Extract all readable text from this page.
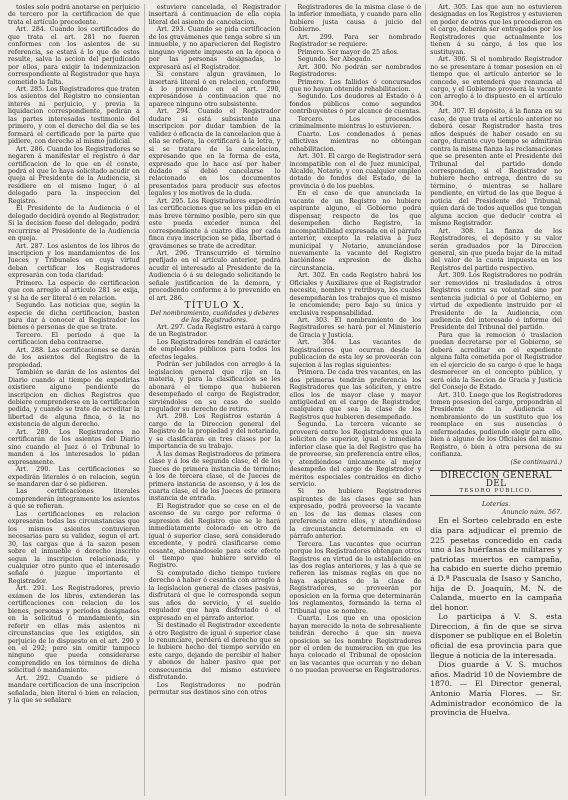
tosles solo podrá anotarse en perjuicio de tercero por la certificacion de que trata el artículo precedente.

Art. 284. Cuando los certificados de que trata el art. 281 no fueren conformes con los asientos de su referencia, se estará á lo que de estos resulte, salva la accion del perjudicado por ellos, para exigir la indemnizacion correspondiente al Registrador que haya cometido la falta.

Art. 285. Los Registradores que traten los asientos del Registro no consientan interés ni perjuicio, y previa la liquidacion correspondiente, pedirán á las partes interesadas testimonio del primero, y con el derecho del dia se les formará el certificado por la parte que pidiere, con derecho al mismo judicial.

Art. 286. Cuando los Registradores se negaren á manifestar el registro ó dar certificacion de lo que en él conste, podrá el que lo haya solicitado acudir en queja al Presidente de la Audiencia, si residiere en el mismo lugar, ó al delegado para la inspeccion del Registro.

El Presidente de la Audiencia ó el delegado decidirá oyendo al Registrador. Si la decision fuese del delegado, podrá recurrirse al Presidente de la Audiencia en queja.

Art. 287. Los asientos de los libros de inscripcion y los mandamientos de los Jueces y Tribunales en cuya virtud deban certificar los Registradores expresarán con toda claridad:

Primero. La especie de certificacion que con arreglo al artículo 281 se exija, y si ha de ser literal ó en relacion.

Segundo. Las noticias que, según la especie de dicha certificacion, basten para dar á conocer al Registrador los bienes ó personas de que se trate.

Tercero. El período á que la certificacion deba contraerse.

Art. 288. Las certificaciones se darán de los asientos del Registro de la propiedad.

También se darán de los asientos del Diario cuando al tiempo de expedirlas existiere alguno pendiente de inscripcion en dichos Registros que debiere comprenderse en la certificacion pedida, y cuando se trate de acreditar la libertad de alguna finca, ó la no existencia de algun derecho.

Art. 289. Los Registradores no certificarán de los asientos del Diario sino cuando el Juez ó el Tribunal lo manden á los interesados lo pidan expresamente.

Art. 290. Las certificaciones se expedirán literales ó en relacion, según se mandaren dar ó se pidieren.

Las certificaciones literales comprenderán íntegramente los asientos á que se refieran.

Las certificaciones en relacion expresarán todas las circunstancias que los mismos asientos contuvieren necesarias para su validez, segun el art. 30, las cargas que á la sazon pesen sobre el inmueble ó derecho inscrito segun la inscripcion relacionada, y cualquier otro punto que el interesado señale ó juzgue importante el Registrador.

Art. 291. Los Registradores, previo exámen de los libros, extenderán las certificaciones con relacion de los bienes, personas y períodos designados en la solicitud ó mandamiento, sin referir en ellas más asientos ni circunstancias que los exigidos, sin perjuicio de lo dispuesto en el art. 290 y en el 292; pero sin omitir tampoco ninguno que pueda considerarse comprendido en los términos de dicha solicitud ó mandamiento.

Art. 292. Cuando se pidiere ó mandare certificacion de una inscripcion señalada, bien literal ó bien en relacion, y la que se señalare

estuviere cancelada, el Registrador insertará á continuacion de ella copia literal del asiento de cancelacion.

Art. 293. Cuando se pida certificacion de los gravámenes que tenga sobre sí un inmueble, y no aparecieren del Registro ninguno vigente impuesto en la época ó por las personas designadas, lo expresará así el Registrador.

Si constare algun gravámen, lo insertará literal ó en relacion, conforme á lo prevenido en el art. 290, expresándose á continuacion que no aparece ninguno otro subsistente.

Art. 294. Cuando el Registrador dudare si está subsistente una inscripcion por dudar tambien de la validez ó eficacia de la cancelacion que á ella se refiera, la certificará á la letra, y si se tratare de la cancelacion, expresando que en la forma de esta, expresado que lo hace así por haber dudado si debió cancelarse lo relacionado en los documentos presentados para producir sus efectos legales y los motivos de la duda.

Art. 295. Los Registradores expedirán las certificaciones que se les pidan en el más breve término posible, pero sin que este pueda exceder nunca del correspondiente á cuatro días por cada finca cuya inscripcion se pida, libertad ó gravámenes se trate de acreditar.

Art. 296. Transcurrido el término prefijado en el artículo anterior, podrá acudir el interesado al Presidente de la Audiencia ó á su delegado solicitando le señale justificacion de la demora, y procediendo conforme á lo prevenido en el art. 286.

TÍTULO X.

Del nombramiento, cualidades y deberes de los Registradores.

Art. 297. Cada Registro estará á cargo de un Registrador.

Los Registradores tendrán el carácter de empleados públicos para todos los efectos legales.

Podrán ser jubilados con arreglo á la legislacion general que rija en la materia, y para la clasificacion se les abonará el tiempo que hubieren desempeñado el cargo de Registrador, sirviéndoles en su caso de sueldo regulador su derecho de retiro.

Art. 298. Los Registros estarán á cargo de la Direccion general del Registro de la propiedad y del notariado, y se clasificarán en tres clases por la importancia de su trabajo.

Á las demas Registradores de primera clase y á los de segunda clase, el de los Jueces de primera instancia de término; á los de tercera clase, el de Jueces de primera instancia de ascenso, y á los de cuarta clase, el de los Jueces de primera instancia de entrada.

El Registrador que se cese en el de ascenso de su cargo por reforma ó supresion del Registro que se le hará inmediatamente colocado en otro de igual ó superior clase, será considerado excedente, y podrá clasificarse como cesante, abonándosele para este efecto el tiempo que hubiere servido el Registro.

Si computado dicho tiempo tuviere derecho á haber ó cesantía con arreglo á la legislacion general de clases pasivas, disfrutará el que le corresponda segun sus años de servicio, y el sueldo regulador que haya disfrutado ó el expresado en el párrafo anterior.

Si destinado el Registrador excedente á otro Registro de igual ó superior clase lo renunciare, perderá el derecho que se le hubiere hecho del tiempo servido en este cargo, dejando de percibir el haber y abonos de haber pasivo que por consecuencia del mismo estuviere disfrutando.

Los Registradores no podrán permutar sus destinos sino con otros

Registradores de la misma clase ó de la inferior inmediata, y cuando para ello hubiere justa causa á juicio del Gobierno.

Art. 299. Para ser nombrado Registrador se requiere:

Primero. Ser mayor de 25 años.

Segundo. Ser Abogado.

Art. 300. No podrán ser nombrados Registradores:

Primero. Los fallidos ó concursados que no hayan obtenido rehabilitacion.

Segundo. Los deudores al Estado ó á fondos públicos como segundos contribuyentes ó por alcance de cuentas.

Tercero. Los procesados criminalmente mientras lo estuvieren.

Cuarto. Los condenados á penas aflictivas mientras no obtengan rehabilitacion.

Art. 301. El cargo de Registrador será incompatible con el de Juez municipal, Alcalde, Notario, y con cualquier empleo dotado de fondos del Estado, de la provincia ó de los pueblos.

En el caso de que anunciada la vacante de un Registro no hubiere aspirante alguno, el Gobierno podrá dispensar, respecto de los que desempeñen dicho Registro, la incompatibilidad expresada en el párrafo anterior, excepto la relativa á Juez municipal y Notario, anunciándose nuevamente la vacante del Registro haciéndose expresion de dicha circunstancia.

Art. 302. En cada Registro habrá los Oficiales y Auxiliares que el Registrador necesite, nombre y retribuya, los cuales desempeñarán los trabajos que el mismo le encomiende; pero bajo su única y exclusiva responsabilidad.

Art. 303. El nombramiento de los Registradores se hará por el Ministerio de Gracia y Justicia.

Art. 304. Las vacantes de Registradores que ocurran desde la publicacion de esta ley se proveerán con sujecion á las reglas siguientes:

Primera. De cada tres vacantes, en las dos primeras tendrán preferencia los Registradores que las soliciten, y entre ellos los de mayor clase y mayor antigüedad en el cargo de Registrador, cualquiera que sea la clase de los Registros que hubieren desempeñado.

Segunda. La tercera vacante se proveerá entre los Registradores que la soliciten de superior, igual ó inmediata inferior clase que la del Registro que ha de proveerse, sin preferencia entre ellos, y atendiéndose únicamente al mejor desempeño del cargo de Registrador y méritos especiales contraidos en dicho servicio.

Si no hubiere Registradores aspirantes de las clases que se han expresado, podrá proveerse la vacante en los de las demas clases con preferencia entre ellos, y atendiéndose la circunstancia determinada en el párrafo anterior.

Tercera. Las vacantes que ocurran porque los Registradores obtengan otros Registros en virtud de lo establecido en las dos reglas anteriores, y las á que se refieren las mismas reglas en que no haya aspirantes de la clase de Registradores, se proveerán por oposicion en la forma que determinarán los reglamentos, formando la terna el Tribunal que se nombre.

Cuarta. Los que en una oposicion hayan merecido la nota de sobresaliente tendrán derecho á que sin nueva oposicion se les nombre Registradores por el orden de numeracion en que les haya colocado el Tribunal de oposicion en las vacantes que ocurran y no deban ó no puedan proveerse en Registradores.

Art. 305. Las que aun no estuvieren designadas en los Registros y estuvieren en poder de otros que les precedieron en el cargo, deberán ser entregados por los Registradores que actualmente los tienen á su cargo, á los que los sustituyan.

Art. 306. Si el nombrado Registrador no se presentare á tomar posesion en el tiempo que el artículo anterior se le concede, se entenderá que renuncia al cargo, y el Gobierno proveerá la vacante con arreglo á lo dispuesto en el artículo 304.

Art. 307. El depósito, á la fianza en su caso, de que trata el artículo anterior no deberá cesar Registrador hasta tres años después de haber cesado en su cargo, durante cuyo tiempo se admitirán contra la misma fianza las reclamaciones que se presenten ante el Presidente del Tribunal del partido donde correspondan, si el Registrador no hubiere hecho entrega, dentro de su término, ó mientras se hallare pendiente, en virtud de las que llegue á noticia del Presidente del Tribunal, quien dará de todos aquellos que tengan alguna accion que deducir contra el mismo Registrador.

Art. 308. La fianza de los Registradores, el depósito y su valor serán graduados por la Direccion general, sin que pueda bajar de la mitad del valor de la cuota impuesta en los Registros del partido respectivo.

Art. 309. Los Registradores no podrán ser removidos ni trasladados á otros Registros contra su voluntad sino por sentencia judicial ó por el Gobierno, en virtud de expediente instruido por el Presidente de la Audiencia, con audiencia del interesado é informe del Presidente del Tribunal del partido.

Para que la remocion ó traslacion puedan decretarse por el Gobierno, se deberá acreditar en el expediente alguna falta cometida por el Registrador en el ejercicio de su cargo ó que le haga desmerecer en el concepto público, y será oída la Seccion de Gracia y Justicia del Consejo de Estado.

Art. 310. Luego que los Registradores tomen posesion del cargo, propondrán al Presidente de la Audiencia el nombramiento de un sustituto que los reemplace en sus ausencias ó enfermedades, pudiendo elegir para ello, bien á alguno de los Oficiales del mismo Registro, ó bien á otra persona de su confianza.

(Se continuará.)

DIRECCION GENERAL DEL

TESORO PÚBLICO.

Loterías.

Anuncio núm. 567.

En el Sorteo celebrado en este día para adjudicar el premio de 225 pesetas concedido en cada uno á las huérfanas de militares y patriotas muertos en campaña, ha cabido en suerte dicho premio á D.ª Pascuala de Isaso y Sancho, hija de D. Joaquín, M. N. de Calanda, muerto en la campaña del honor.

Lo participa á V. S. esta Direccion, á fin de que se sirva disponer se publique en el Boletín oficial de esa provincia para que llegue á noticia de la interesada.

Dios guarde á V. S. muchos años. Madrid 10 de Noviembre de 1870. — El Director general, Antonio María Flores. — Sr. Administrador económico de la provincia de Huelva.
